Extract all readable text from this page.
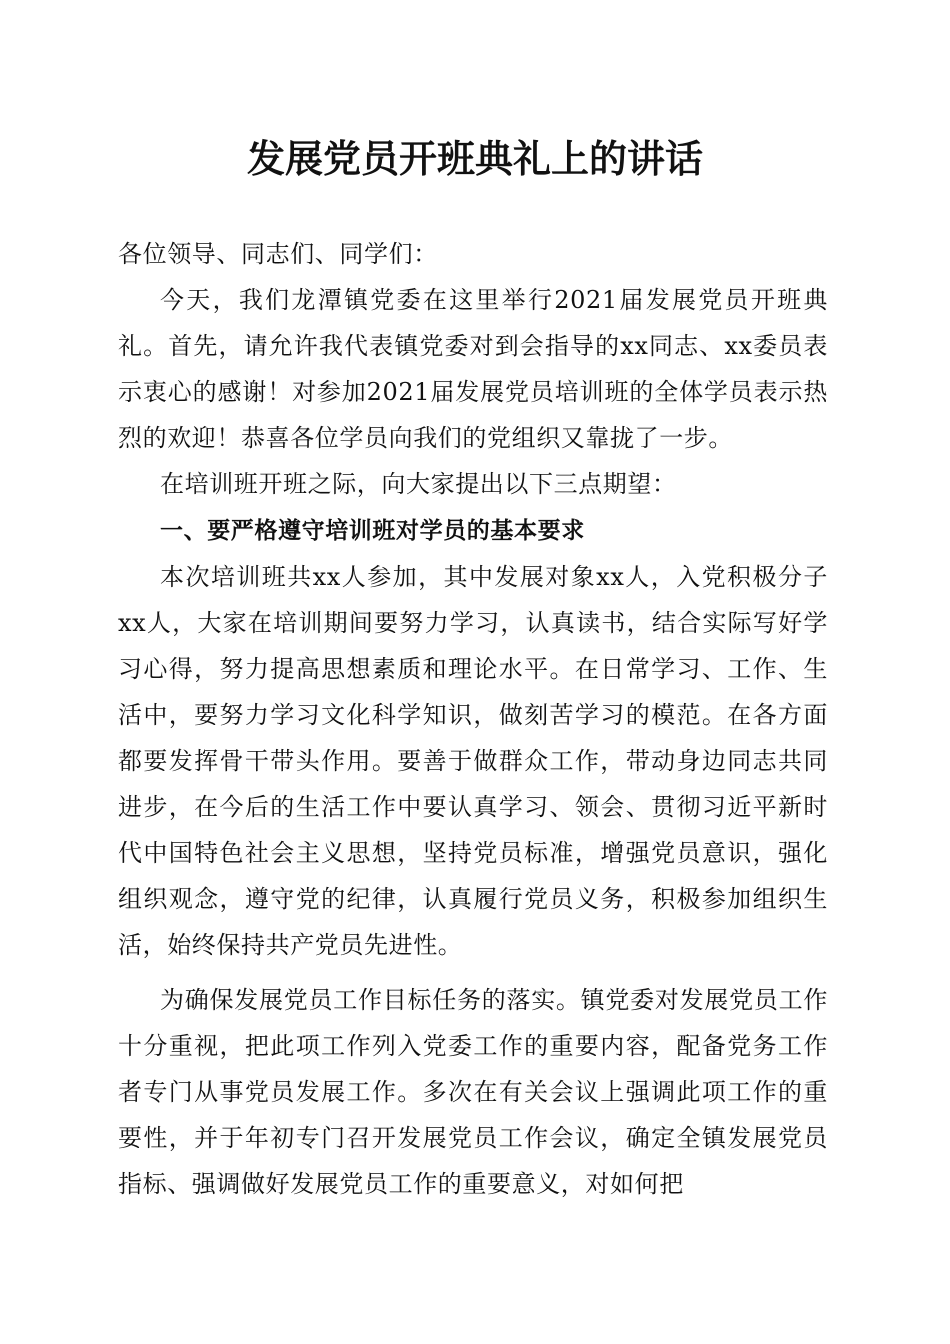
发展党员开班典礼上的讲话

各位领导、同志们、同学们：

今天，我们龙潭镇党委在这里举行2021届发展党员开班典礼。首先，请允许我代表镇党委对到会指导的xx同志、xx委员表示衷心的感谢！对参加2021届发展党员培训班的全体学员表示热烈的欢迎！恭喜各位学员向我们的党组织又靠拢了一步。

在培训班开班之际，向大家提出以下三点期望：

一、要严格遵守培训班对学员的基本要求

本次培训班共xx人参加，其中发展对象xx人，入党积极分子xx人，大家在培训期间要努力学习，认真读书，结合实际写好学习心得，努力提高思想素质和理论水平。在日常学习、工作、生活中，要努力学习文化科学知识，做刻苦学习的模范。在各方面都要发挥骨干带头作用。要善于做群众工作，带动身边同志共同进步，在今后的生活工作中要认真学习、领会、贯彻习近平新时代中国特色社会主义思想，坚持党员标准，增强党员意识，强化组织观念，遵守党的纪律，认真履行党员义务，积极参加组织生活，始终保持共产党员先进性。

为确保发展党员工作目标任务的落实。镇党委对发展党员工作十分重视，把此项工作列入党委工作的重要内容，配备党务工作者专门从事党员发展工作。多次在有关会议上强调此项工作的重要性，并于年初专门召开发展党员工作会议，确定全镇发展党员指标、强调做好发展党员工作的重要意义，对如何把
